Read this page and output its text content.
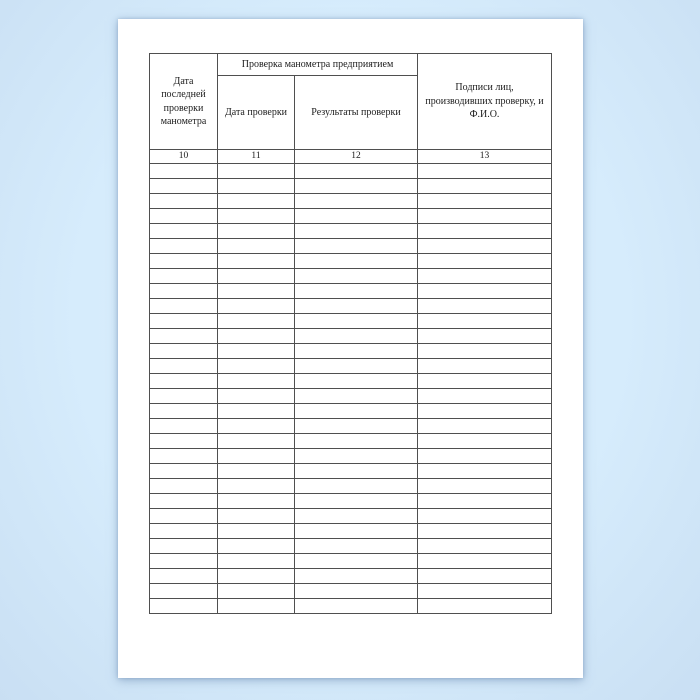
Дата последней проверки манометра	Проверка манометра предприятием		Подписи лиц, производивших проверку, и Ф.И.О.
	Дата проверки	Результаты проверки	
10	11	12	13
